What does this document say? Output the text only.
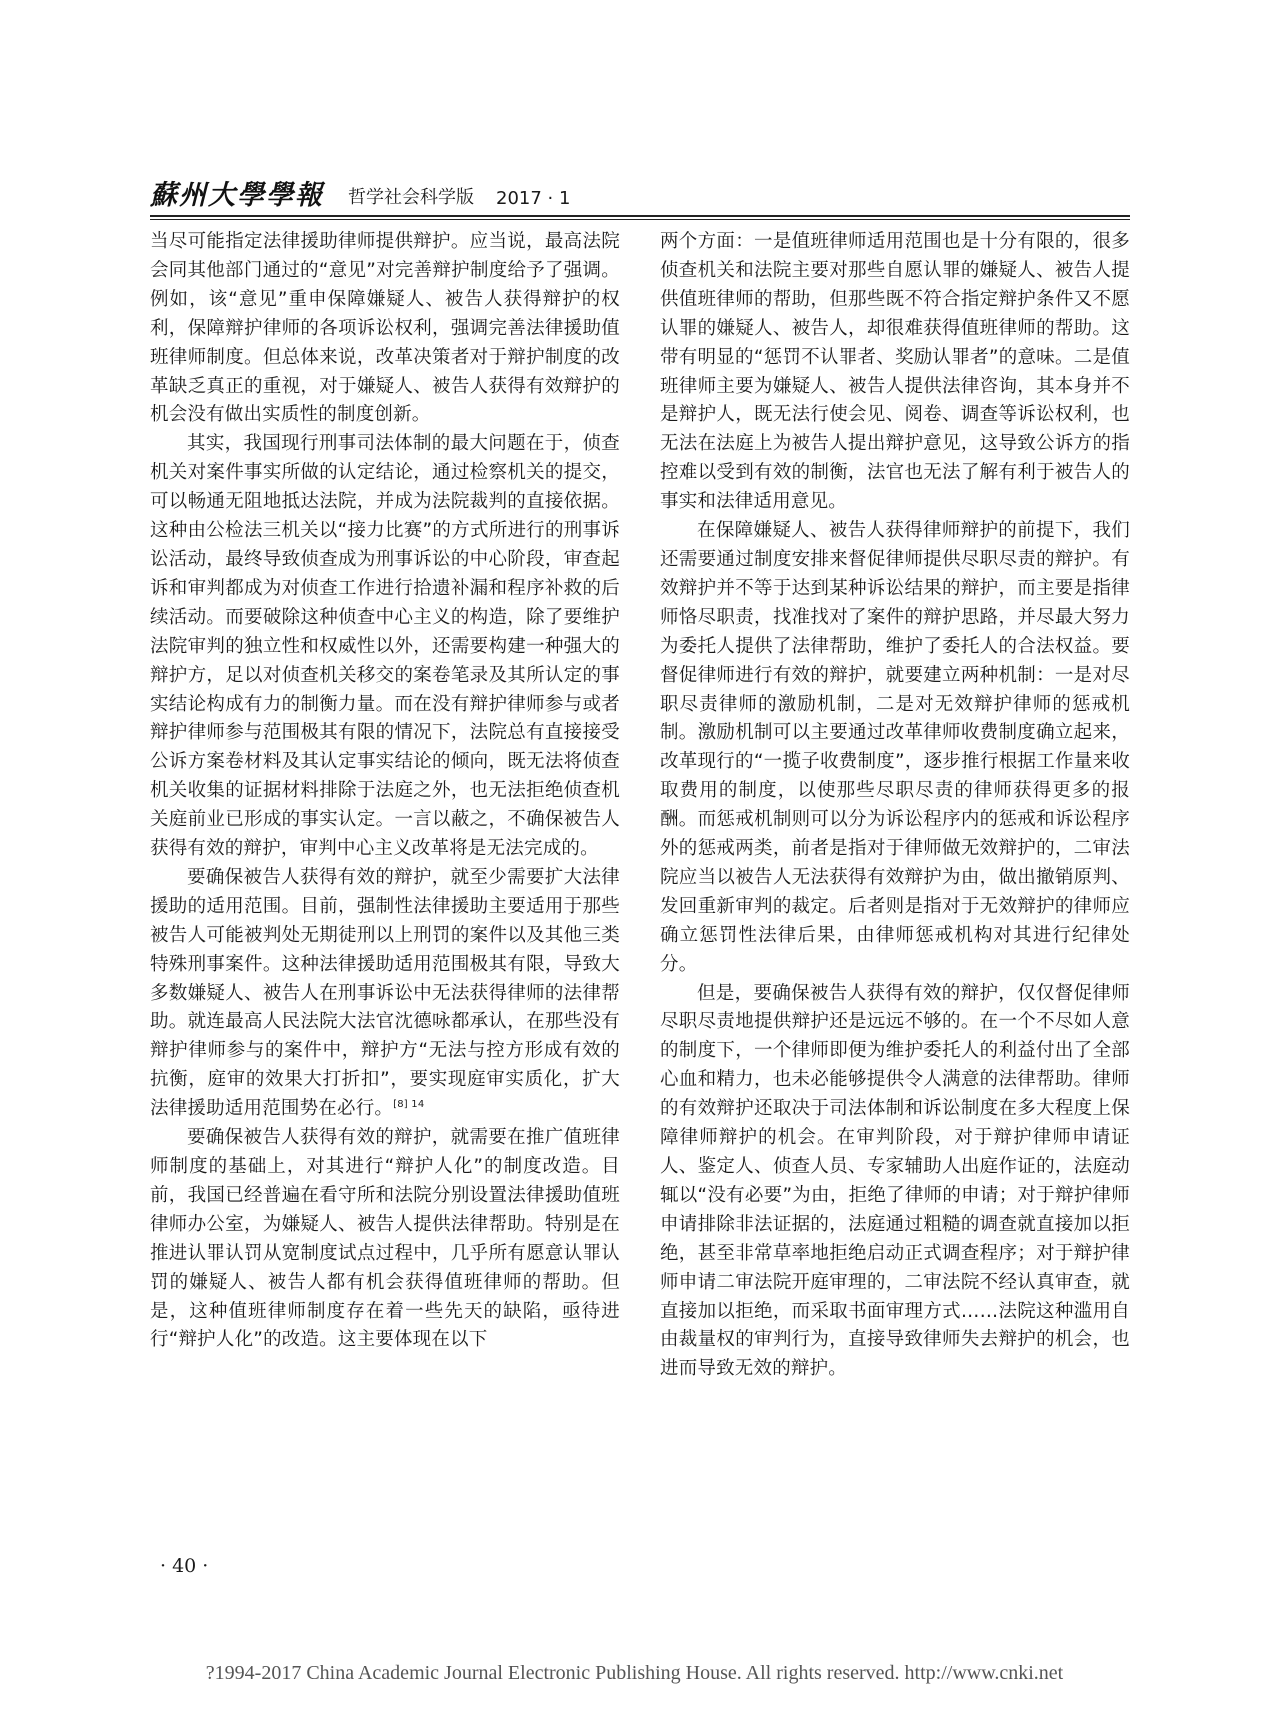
蘇州大學學報 哲学社会科学版 2017 · 1

当尽可能指定法律援助律师提供辩护。应当说，最高法院会同其他部门通过的“意见”对完善辩护制度给予了强调。例如，该“意见”重申保障嫌疑人、被告人获得辩护的权利，保障辩护律师的各项诉讼权利，强调完善法律援助值班律师制度。但总体来说，改革决策者对于辩护制度的改革缺乏真正的重视，对于嫌疑人、被告人获得有效辩护的机会没有做出实质性的制度创新。

其实，我国现行刑事司法体制的最大问题在于，侦查机关对案件事实所做的认定结论，通过检察机关的提交，可以畅通无阻地抵达法院，并成为法院裁判的直接依据。这种由公检法三机关以“接力比赛”的方式所进行的刑事诉讼活动，最终导致侦查成为刑事诉讼的中心阶段，审查起诉和审判都成为对侦查工作进行拾遗补漏和程序补救的后续活动。而要破除这种侦查中心主义的构造，除了要维护法院审判的独立性和权威性以外，还需要构建一种强大的辩护方，足以对侦查机关移交的案卷笔录及其所认定的事实结论构成有力的制衡力量。而在没有辩护律师参与或者辩护律师参与范围极其有限的情况下，法院总有直接接受公诉方案卷材料及其认定事实结论的倾向，既无法将侦查机关收集的证据材料排除于法庭之外，也无法拒绝侦查机关庭前业已形成的事实认定。一言以蔽之，不确保被告人获得有效的辩护，审判中心主义改革将是无法完成的。

要确保被告人获得有效的辩护，就至少需要扩大法律援助的适用范围。目前，强制性法律援助主要适用于那些被告人可能被判处无期徒刑以上刑罚的案件以及其他三类特殊刑事案件。这种法律援助适用范围极其有限，导致大多数嫌疑人、被告人在刑事诉讼中无法获得律师的法律帮助。就连最高人民法院大法官沈德咏都承认，在那些没有辩护律师参与的案件中，辩护方“无法与控方形成有效的抗衡，庭审的效果大打折扣”，要实现庭审实质化，扩大法律援助适用范围势在必行。$^{[8] 14}$

要确保被告人获得有效的辩护，就需要在推广值班律师制度的基础上，对其进行“辩护人化”的制度改造。目前，我国已经普遍在看守所和法院分别设置法律援助值班律师办公室，为嫌疑人、被告人提供法律帮助。特别是在推进认罪认罚从宽制度试点过程中，几乎所有愿意认罪认罚的嫌疑人、被告人都有机会获得值班律师的帮助。但是，这种值班律师制度存在着一些先天的缺陷，亟待进行“辩护人化”的改造。这主要体现在以下

两个方面：一是值班律师适用范围也是十分有限的，很多侦查机关和法院主要对那些自愿认罪的嫌疑人、被告人提供值班律师的帮助，但那些既不符合指定辩护条件又不愿认罪的嫌疑人、被告人，却很难获得值班律师的帮助。这带有明显的“惩罚不认罪者、奖励认罪者”的意味。二是值班律师主要为嫌疑人、被告人提供法律咨询，其本身并不是辩护人，既无法行使会见、阅卷、调查等诉讼权利，也无法在法庭上为被告人提出辩护意见，这导致公诉方的指控难以受到有效的制衡，法官也无法了解有利于被告人的事实和法律适用意见。

在保障嫌疑人、被告人获得律师辩护的前提下，我们还需要通过制度安排来督促律师提供尽职尽责的辩护。有效辩护并不等于达到某种诉讼结果的辩护，而主要是指律师恪尽职责，找准找对了案件的辩护思路，并尽最大努力为委托人提供了法律帮助，维护了委托人的合法权益。要督促律师进行有效的辩护，就要建立两种机制：一是对尽职尽责律师的激励机制，二是对无效辩护律师的惩戒机制。激励机制可以主要通过改革律师收费制度确立起来，改革现行的“一揽子收费制度”，逐步推行根据工作量来收取费用的制度，以使那些尽职尽责的律师获得更多的报酬。而惩戒机制则可以分为诉讼程序内的惩戒和诉讼程序外的惩戒两类，前者是指对于律师做无效辩护的，二审法院应当以被告人无法获得有效辩护为由，做出撤销原判、发回重新审判的裁定。后者则是指对于无效辩护的律师应确立惩罚性法律后果，由律师惩戒机构对其进行纪律处分。

但是，要确保被告人获得有效的辩护，仅仅督促律师尽职尽责地提供辩护还是远远不够的。在一个不尽如人意的制度下，一个律师即便为维护委托人的利益付出了全部心血和精力，也未必能够提供令人满意的法律帮助。律师的有效辩护还取决于司法体制和诉讼制度在多大程度上保障律师辩护的机会。在审判阶段，对于辩护律师申请证人、鉴定人、侦查人员、专家辅助人出庭作证的，法庭动辄以“没有必要”为由，拒绝了律师的申请；对于辩护律师申请排除非法证据的，法庭通过粗糙的调查就直接加以拒绝，甚至非常草率地拒绝启动正式调查程序；对于辩护律师申请二审法院开庭审理的，二审法院不经认真审查，就直接加以拒绝，而采取书面审理方式……法院这种滥用自由裁量权的审判行为，直接导致律师失去辩护的机会，也进而导致无效的辩护。

· 40 ·
?1994-2017 China Academic Journal Electronic Publishing House. All rights reserved. http://www.cnki.net
